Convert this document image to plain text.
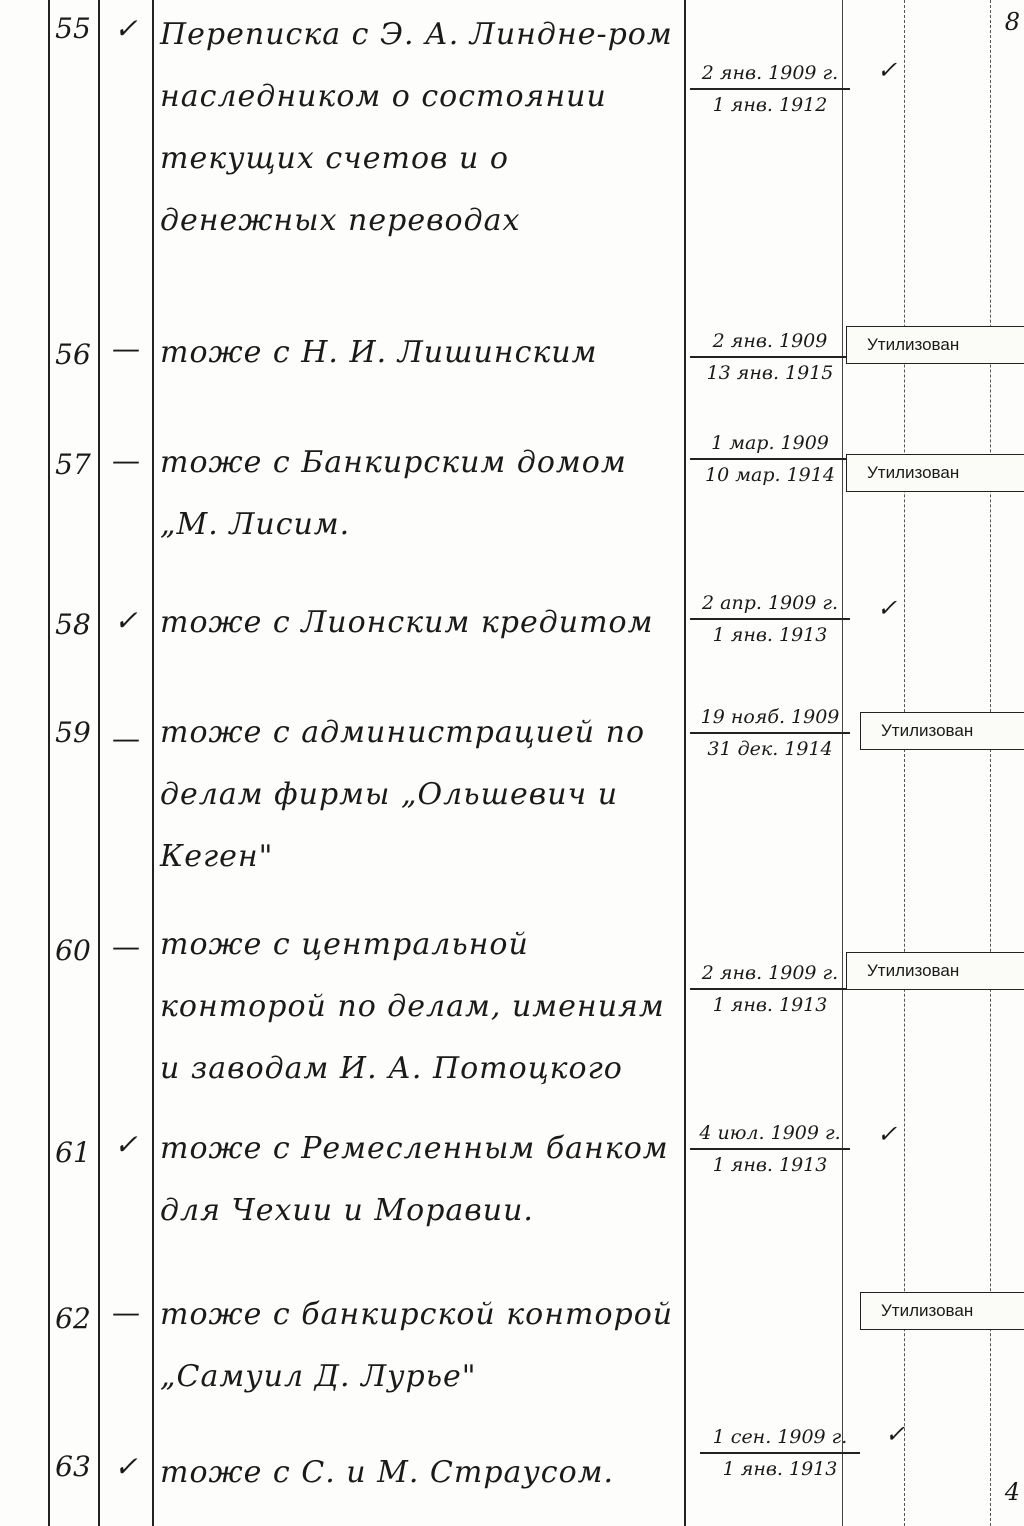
8
4
55 ✓ Переписка с Э. А. Линдне-ром наследником о состоянии текущих счетов и о денежных переводах
2 янв. 1909 г.
1 янв. 1912
✓
56 — тоже с Н. И. Лишинским	2 янв. 1909
13 янв. 1915
Утилизован
57 — тоже с Банкирским домом „М. Лисим.
1 мар. 1909
10 мар. 1914	Утилизован
58 ✓ тоже с Лионским кредитом
2 апр. 1909 г.
1 янв. 1913
✓
59 — тоже с администрацией по делам фирмы „Ольшевич и Кеген"
19 нояб. 1909
31 дек. 1914
Утилизован
60 — тоже с центральной конторой по делам, имениям и заводам И. А. Потоцкого
2 янв. 1909 г.
1 янв. 1913
Утилизован
61 ✓ тоже с Ремесленным банком для Чехии и Моравии.
4 июл. 1909 г.
1 янв. 1913
✓
62 — тоже с банкирской конторой „Самуил Д. Лурье"
Утилизован
63 ✓ тоже с С. и М. Страусом.
1 сен. 1909 г.
1 янв. 1913
✓
